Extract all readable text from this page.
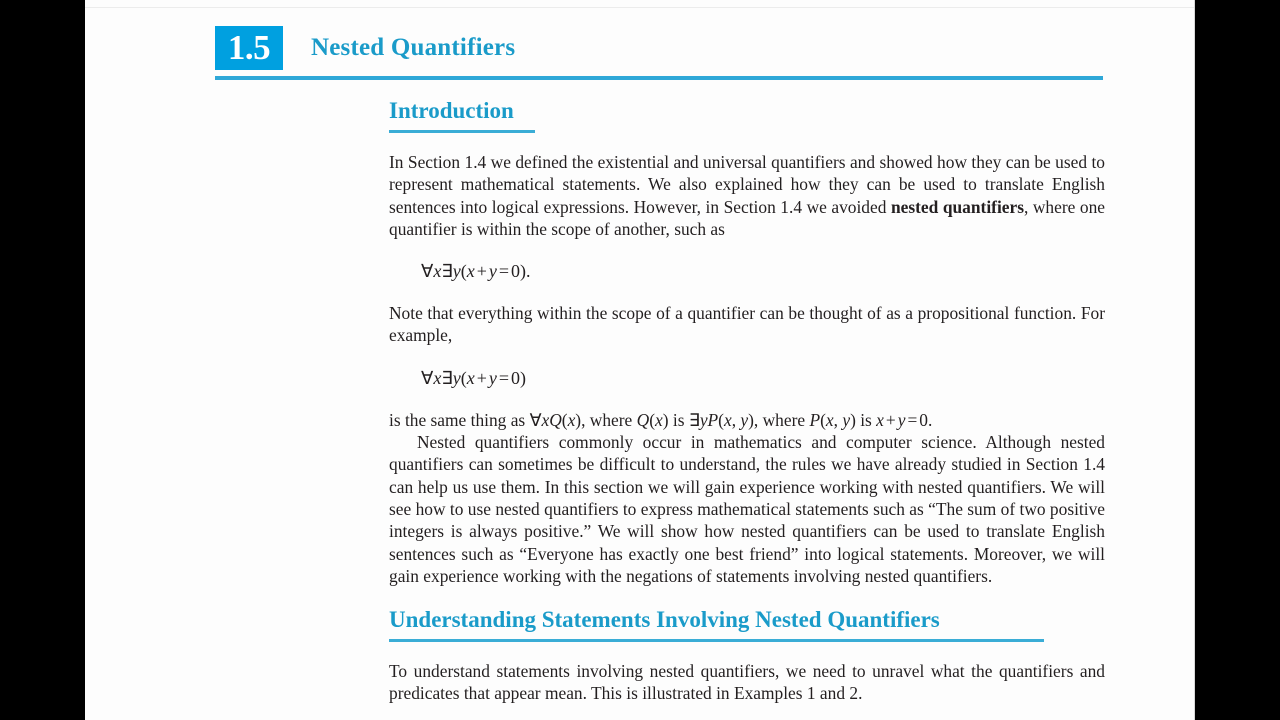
1.5	Nested Quantifiers
Introduction

In Section 1.4 we defined the existential and universal quantifiers and showed how they can be used to represent mathematical statements. We also explained how they can be used to translate English sentences into logical expressions. However, in Section 1.4 we avoided nested quantifiers, where one quantifier is within the scope of another, such as

∀x∃y(x + y = 0).

Note that everything within the scope of a quantifier can be thought of as a propositional function. For example,

∀x∃y(x + y = 0)

is the same thing as ∀xQ(x), where Q(x) is ∃yP(x, y), where P(x, y) is x + y = 0.

Nested quantifiers commonly occur in mathematics and computer science. Although nested quantifiers can sometimes be difficult to understand, the rules we have already studied in Section 1.4 can help us use them. In this section we will gain experience working with nested quantifiers. We will see how to use nested quantifiers to express mathematical statements such as “The sum of two positive integers is always positive.” We will show how nested quantifiers can be used to translate English sentences such as “Everyone has exactly one best friend” into logical statements. Moreover, we will gain experience working with the negations of statements involving nested quantifiers.

Understanding Statements Involving Nested Quantifiers

To understand statements involving nested quantifiers, we need to unravel what the quantifiers and predicates that appear mean. This is illustrated in Examples 1 and 2.
